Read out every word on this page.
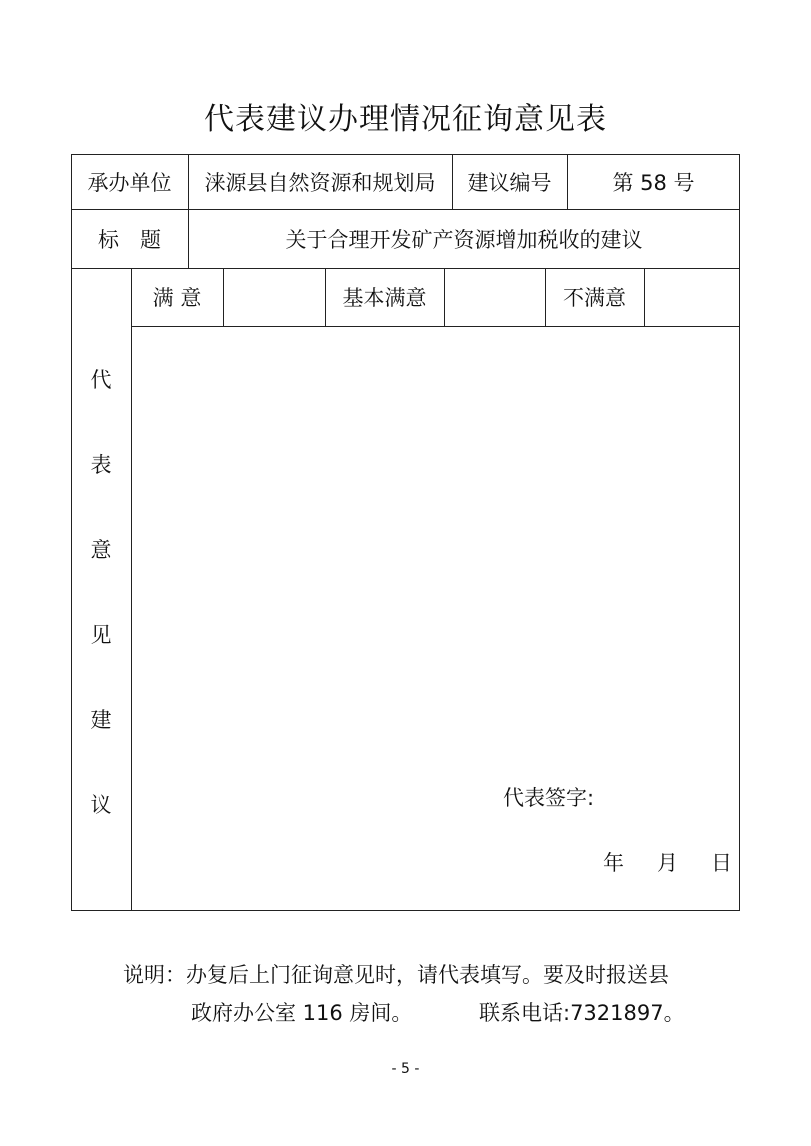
代表建议办理情况征询意见表
承办单位	涞源县自然资源和规划局	建议编号	第 58 号
标　题	关于合理开发矿产资源增加税收的建议
满 意	基本满意	不满意
代
表
意
见
建
议	代表签字:
年 月 日
说明：办复后上门征询意见时，请代表填写。要及时报送县
政府办公室 116 房间。	联系电话:7321897。
- 5 -
